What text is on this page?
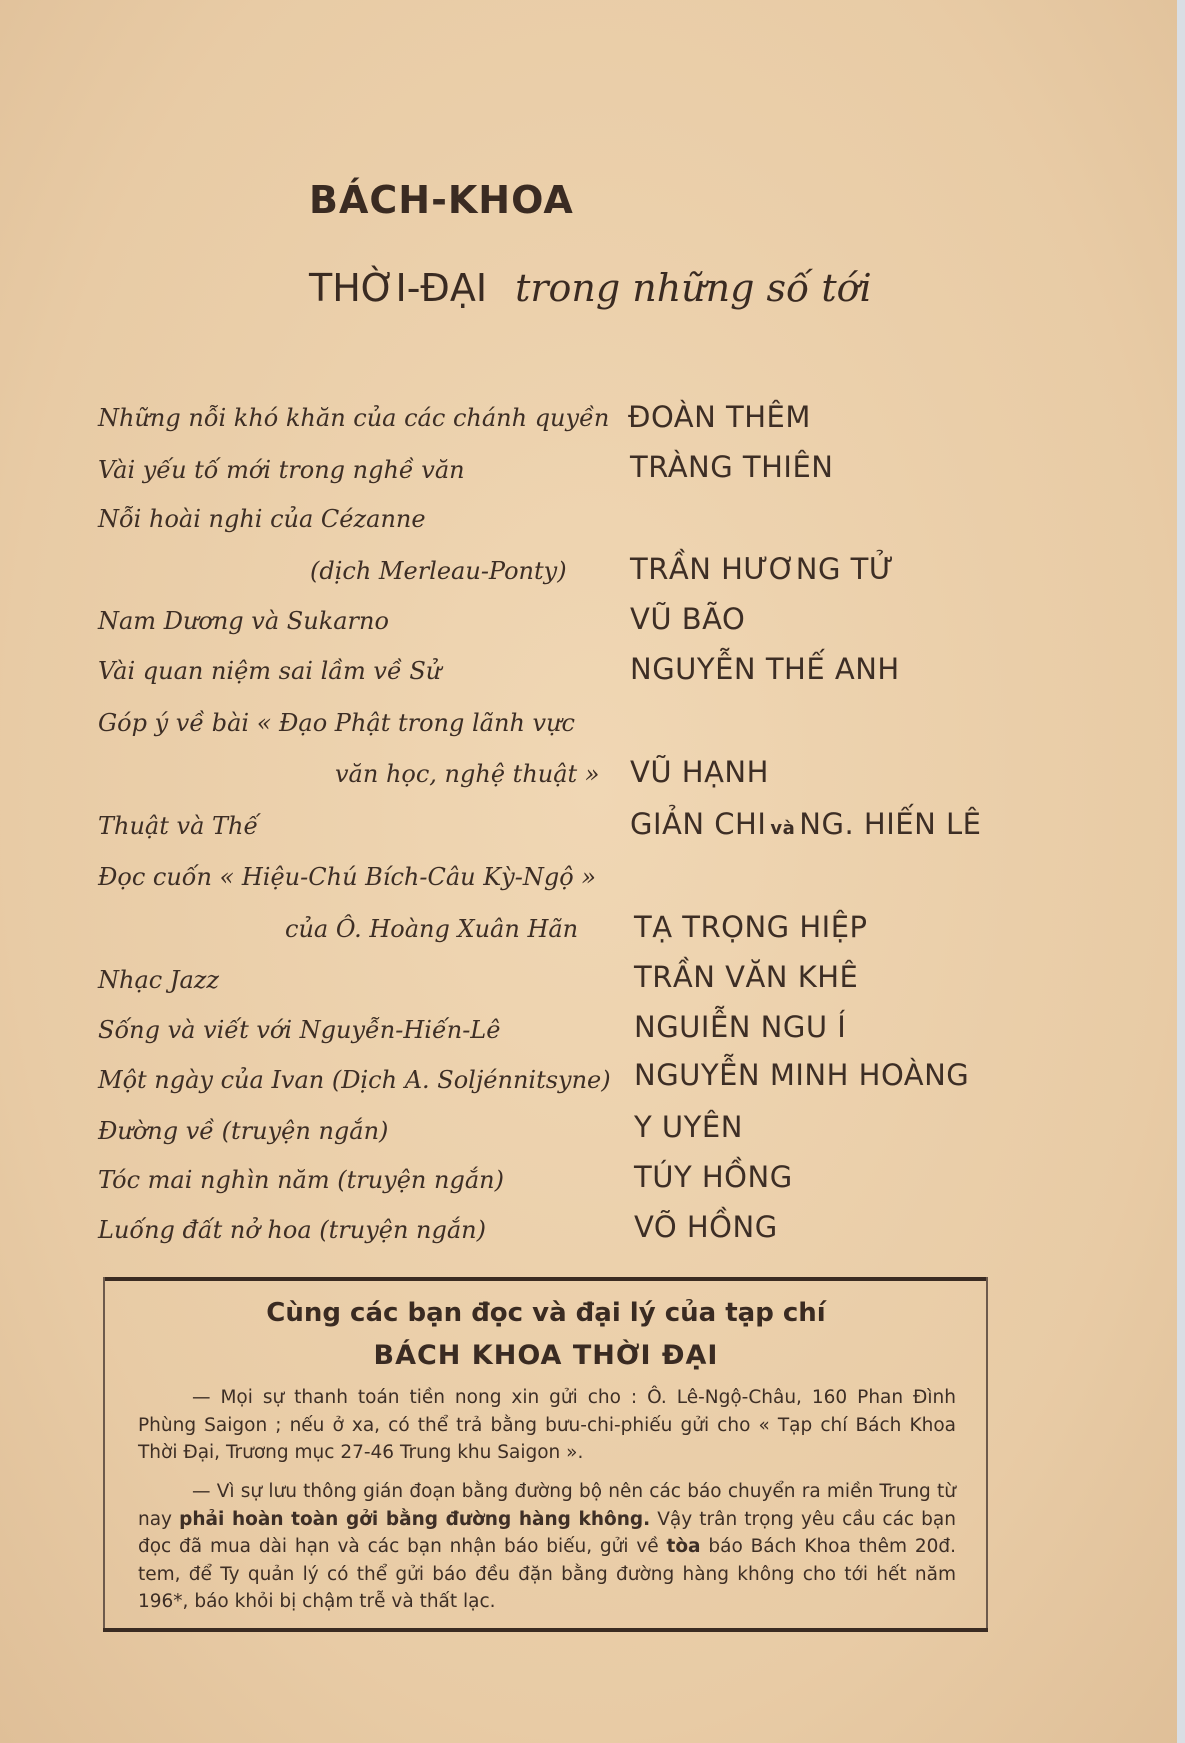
BÁCH-KHOA
THỜI-ĐẠI trong những số tới
Những nỗi khó khăn của các chánh quyền ĐOÀN THÊM
Vài yếu tố mới trong nghề văn	TRÀNG THIÊN
Nỗi hoài nghi của Cézanne
(dịch Merleau-Ponty) TRẦN HƯƠNG TỬ
Nam Dương và Sukarno	VŨ BÃO
Vài quan niệm sai lầm về Sử	NGUYỄN THẾ ANH
Góp ý về bài « Đạo Phật trong lãnh vực
văn học, nghệ thuật » VŨ HẠNH
Thuật và Thế	GIẢN CHI và NG. HIẾN LÊ
Đọc cuốn « Hiệu-Chú Bích-Câu Kỳ-Ngộ »
của Ô. Hoàng Xuân Hãn TẠ TRỌNG HIỆP
Nhạc Jazz	TRẦN VĂN KHÊ
Sống và viết với Nguyễn-Hiến-Lê	NGUIỄN NGU Í
Một ngày của Ivan (Dịch A. Soljénnitsyne) NGUYỄN MINH HOÀNG
Đường về (truyện ngắn)	Y UYÊN
Tóc mai nghìn năm (truyện ngắn)	TÚY HỒNG
Luống đất nở hoa (truyện ngắn)	VÕ HỒNG
Cùng các bạn đọc và đại lý của tạp chí
BÁCH KHOA THỜI ĐẠI
— Mọi sự thanh toán tiền nong xin gửi cho : Ô. Lê-Ngộ-Châu, 160 Phan Đình Phùng Saigon ; nếu ở xa, có thể trả bằng bưu-chi-phiếu gửi cho « Tạp chí Bách Khoa Thời Đại, Trương mục 27-46 Trung khu Saigon ».
— Vì sự lưu thông gián đoạn bằng đường bộ nên các báo chuyển ra miền Trung từ nay phải hoàn toàn gởi bằng đường hàng không. Vậy trân trọng yêu cầu các bạn đọc đã mua dài hạn và các bạn nhận báo biếu, gửi về tòa báo Bách Khoa thêm 20đ. tem, để Ty quản lý có thể gửi báo đều đặn bằng đường hàng không cho tới hết năm 196*, báo khỏi bị chậm trễ và thất lạc.
